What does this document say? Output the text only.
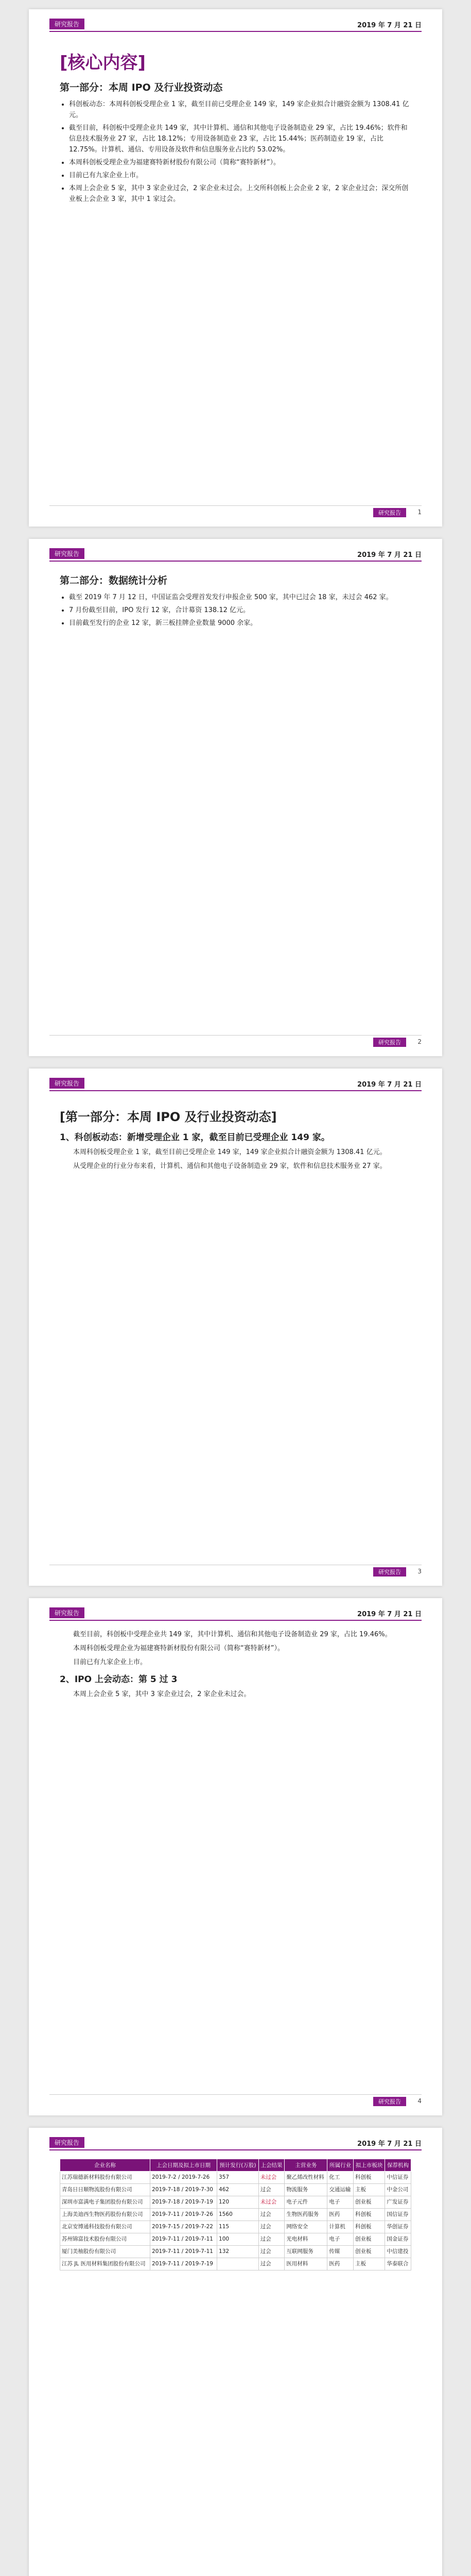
研究报告	2019 年 7 月 21 日
[核心内容]
第一部分：本周 IPO 及行业投资动态
• 科创板动态：本周科创板受理企业 1 家，截至目前已受理企业 149 家，149 家企业拟合计融资金额为 1308.41 亿元。
• 截至目前，科创板中受理企业共 149 家，其中计算机、通信和其他电子设备制造业 29 家，占比 19.46%；软件和信息技术服务业 27 家，占比 18.12%；专用设备制造业 23 家，占比 15.44%；医药制造业 19 家，占比 12.75%。计算机、通信、专用设备及软件和信息服务业占比约 53.02%。
• 本周科创板受理企业为福建赛特新材股份有限公司（简称“赛特新材”）。
• 目前已有九家企业上市。
• 本周上会企业 5 家，其中 3 家企业过会，2 家企业未过会。上交所科创板上会企业 2 家，2 家企业过会；深交所创业板上会企业 3 家，其中 1 家过会。
研究报告	1
研究报告	2019 年 7 月 21 日
第二部分：数据统计分析
• 截至 2019 年 7 月 12 日，中国证监会受理首发发行申报企业 500 家，其中已过会 18 家，未过会 462 家。
• 7 月份截至目前，IPO 发行 12 家，合计募资 138.12 亿元。
• 目前截至发行的企业 12 家，新三板挂牌企业数量 9000 余家。
研究报告	2
研究报告	2019 年 7 月 21 日
[第一部分：本周 IPO 及行业投资动态]
1、科创板动态：新增受理企业 1 家，截至目前已受理企业 149 家。

本周科创板受理企业 1 家，截至目前已受理企业 149 家，149 家企业拟合计融资金额为 1308.41 亿元。

从受理企业的行业分布来看，计算机、通信和其他电子设备制造业 29 家，软件和信息技术服务业 27 家。

研究报告	3
研究报告	2019 年 7 月 21 日

截至目前，科创板中受理企业共 149 家，其中计算机、通信和其他电子设备制造业 29 家，占比 19.46%。

本周科创板受理企业为福建赛特新材股份有限公司（简称“赛特新材”）。

目前已有九家企业上市。

2、IPO 上会动态：第 5 过 3

本周上会企业 5 家，其中 3 家企业过会，2 家企业未过会。

研究报告	4
研究报告	2019 年 7 月 21 日
企业名称	上会日期及拟上市日期	预计发行(万股)	上会结果	主营业务	所属行业	拟上市板块	保荐机构
江苏瑞德新材料股份有限公司	2019-7-2 / 2019-7-26	357	未过会	聚乙烯改性材料	化工	科创板	中信证券
青岛日日顺物流股份有限公司	2019-7-18 / 2019-7-30	462	过会	物流服务	交通运输	主板	中金公司
深圳市富满电子集团股份有限公司	2019-7-18 / 2019-7-19	120	未过会	电子元件	电子	创业板	广发证券
上海美迪西生物医药股份有限公司	2019-7-11 / 2019-7-26	1560	过会	生物医药服务	医药	科创板	国信证券
北京安博通科技股份有限公司	2019-7-15 / 2019-7-22	115	过会	网络安全	计算机	科创板	华创证券
苏州锦富技术股份有限公司	2019-7-11 / 2019-7-11	100	过会	光电材料	电子	创业板	国金证券
厦门美柚股份有限公司	2019-7-11 / 2019-7-11	132	过会	互联网服务	传媒	创业板	中信建投
江苏 JL 医用材料集团股份有限公司	2019-7-11 / 2019-7-19		过会	医用材料	医药	主板	华泰联合
